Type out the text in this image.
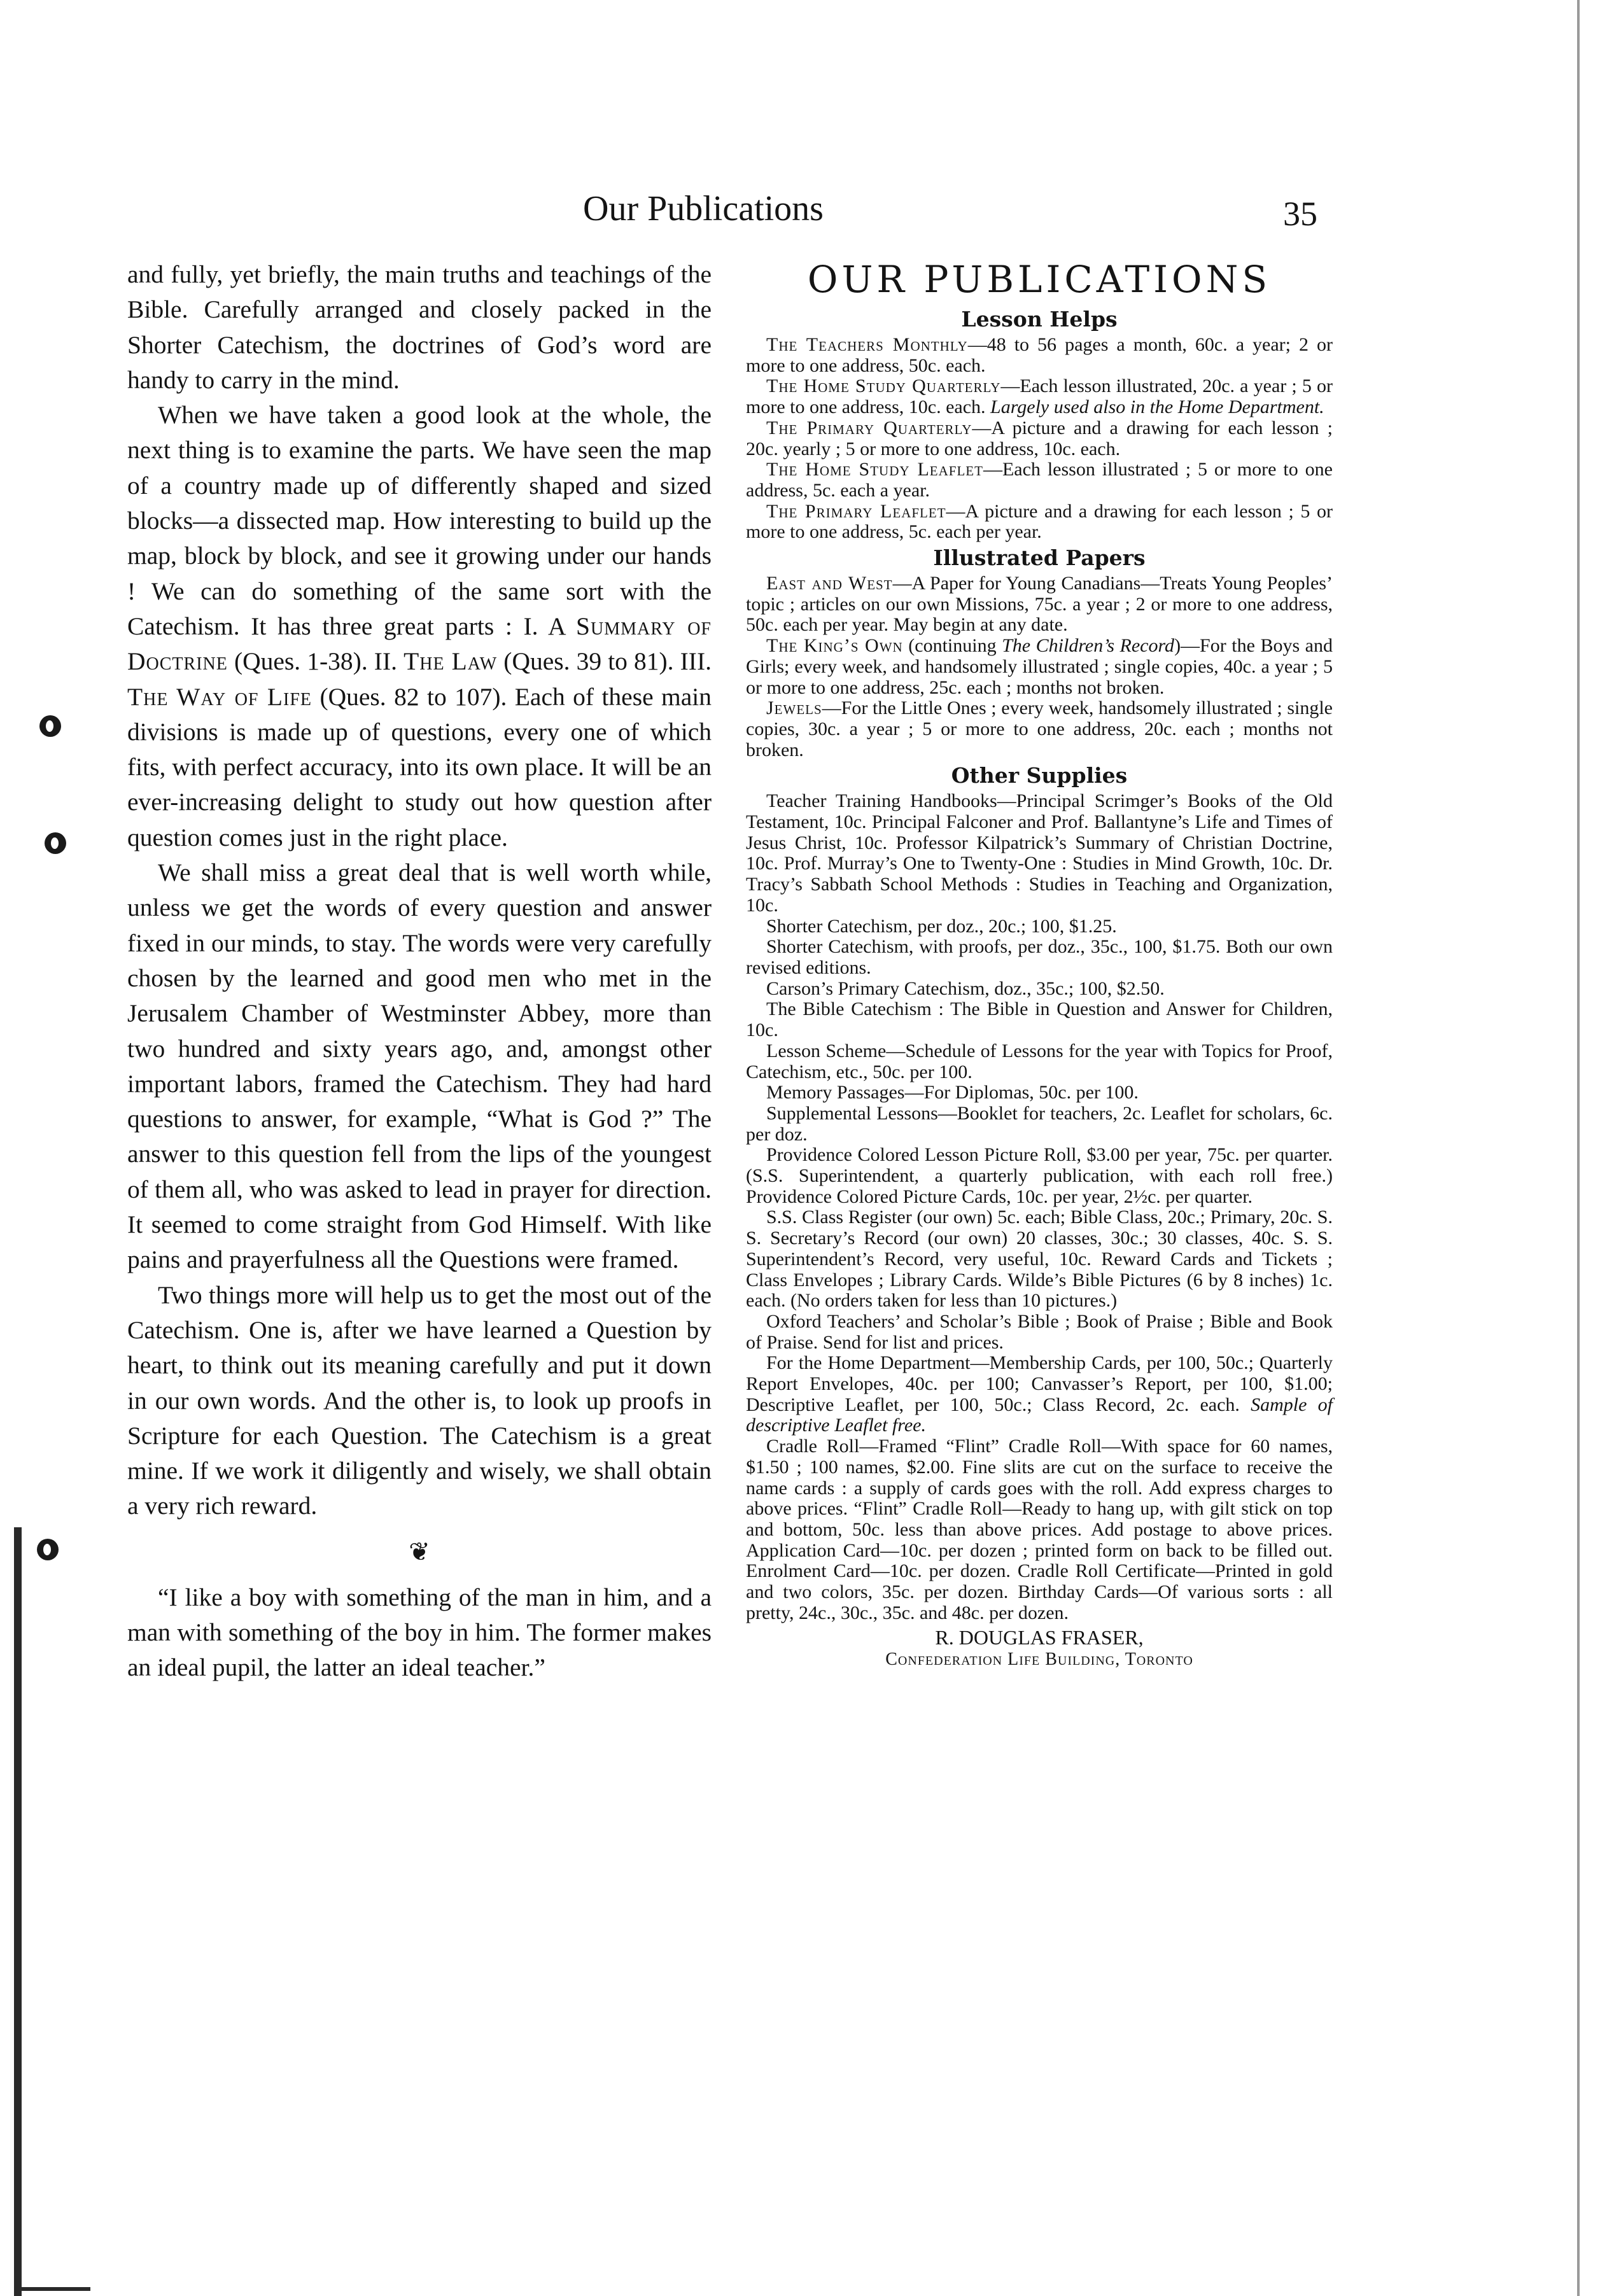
Our Publications	35

and fully, yet briefly, the main truths and teachings of the Bible. Carefully arranged and closely packed in the Shorter Catechism, the doctrines of God’s word are handy to carry in the mind.

When we have taken a good look at the whole, the next thing is to examine the parts. We have seen the map of a country made up of differently shaped and sized blocks—a dissected map. How interesting to build up the map, block by block, and see it growing under our hands ! We can do something of the same sort with the Catechism. It has three great parts : I. A Summary of Doctrine (Ques. 1-38). II. The Law (Ques. 39 to 81). III. The Way of Life (Ques. 82 to 107). Each of these main divisions is made up of questions, every one of which fits, with perfect accuracy, into its own place. It will be an ever-increasing delight to study out how question after question comes just in the right place.

We shall miss a great deal that is well worth while, unless we get the words of every question and answer fixed in our minds, to stay. The words were very carefully chosen by the learned and good men who met in the Jerusalem Chamber of Westminster Abbey, more than two hundred and sixty years ago, and, amongst other important labors, framed the Catechism. They had hard questions to answer, for example, “What is God ?” The answer to this question fell from the lips of the youngest of them all, who was asked to lead in prayer for direction. It seemed to come straight from God Himself. With like pains and prayerfulness all the Questions were framed.

Two things more will help us to get the most out of the Catechism. One is, after we have learned a Question by heart, to think out its meaning carefully and put it down in our own words. And the other is, to look up proofs in Scripture for each Question. The Catechism is a great mine. If we work it diligently and wisely, we shall obtain a very rich reward.

❦

“I like a boy with something of the man in him, and a man with something of the boy in him. The former makes an ideal pupil, the latter an ideal teacher.”

OUR PUBLICATIONS
Lesson Helps

The Teachers Monthly—48 to 56 pages a month, 60c. a year; 2 or more to one address, 50c. each.

The Home Study Quarterly—Each lesson illustrated, 20c. a year ; 5 or more to one address, 10c. each. Largely used also in the Home Department.

The Primary Quarterly—A picture and a drawing for each lesson ; 20c. yearly ; 5 or more to one address, 10c. each.

The Home Study Leaflet—Each lesson illustrated ; 5 or more to one address, 5c. each a year.

The Primary Leaflet—A picture and a drawing for each lesson ; 5 or more to one address, 5c. each per year.

Illustrated Papers

East and West—A Paper for Young Canadians—Treats Young Peoples’ topic ; articles on our own Missions, 75c. a year ; 2 or more to one address, 50c. each per year. May begin at any date.

The King’s Own (continuing The Children’s Record)—For the Boys and Girls; every week, and handsomely illustrated ; single copies, 40c. a year ; 5 or more to one address, 25c. each ; months not broken.

Jewels—For the Little Ones ; every week, handsomely illustrated ; single copies, 30c. a year ; 5 or more to one address, 20c. each ; months not broken.

Other Supplies

Teacher Training Handbooks—Principal Scrimger’s Books of the Old Testament, 10c. Principal Falconer and Prof. Ballantyne’s Life and Times of Jesus Christ, 10c. Professor Kilpatrick’s Summary of Christian Doctrine, 10c. Prof. Murray’s One to Twenty-One : Studies in Mind Growth, 10c. Dr. Tracy’s Sabbath School Methods : Studies in Teaching and Organization, 10c.

Shorter Catechism, per doz., 20c.; 100, $1.25.

Shorter Catechism, with proofs, per doz., 35c., 100, $1.75. Both our own revised editions.

Carson’s Primary Catechism, doz., 35c.; 100, $2.50.

The Bible Catechism : The Bible in Question and Answer for Children, 10c.

Lesson Scheme—Schedule of Lessons for the year with Topics for Proof, Catechism, etc., 50c. per 100.

Memory Passages—For Diplomas, 50c. per 100.

Supplemental Lessons—Booklet for teachers, 2c. Leaflet for scholars, 6c. per doz.

Providence Colored Lesson Picture Roll, $3.00 per year, 75c. per quarter. (S.S. Superintendent, a quarterly publication, with each roll free.) Providence Colored Picture Cards, 10c. per year, 2½c. per quarter.

S.S. Class Register (our own) 5c. each; Bible Class, 20c.; Primary, 20c. S. S. Secretary’s Record (our own) 20 classes, 30c.; 30 classes, 40c. S. S. Superintendent’s Record, very useful, 10c. Reward Cards and Tickets ; Class Envelopes ; Library Cards. Wilde’s Bible Pictures (6 by 8 inches) 1c. each. (No orders taken for less than 10 pictures.)

Oxford Teachers’ and Scholar’s Bible ; Book of Praise ; Bible and Book of Praise. Send for list and prices.

For the Home Department—Membership Cards, per 100, 50c.; Quarterly Report Envelopes, 40c. per 100; Canvasser’s Report, per 100, $1.00; Descriptive Leaflet, per 100, 50c.; Class Record, 2c. each. Sample of descriptive Leaflet free.

Cradle Roll—Framed “Flint” Cradle Roll—With space for 60 names, $1.50 ; 100 names, $2.00. Fine slits are cut on the surface to receive the name cards : a supply of cards goes with the roll. Add express charges to above prices. “Flint” Cradle Roll—Ready to hang up, with gilt stick on top and bottom, 50c. less than above prices. Add postage to above prices. Application Card—10c. per dozen ; printed form on back to be filled out. Enrolment Card—10c. per dozen. Cradle Roll Certificate—Printed in gold and two colors, 35c. per dozen. Birthday Cards—Of various sorts : all pretty, 24c., 30c., 35c. and 48c. per dozen.

R. DOUGLAS FRASER,
Confederation Life Building, Toronto
